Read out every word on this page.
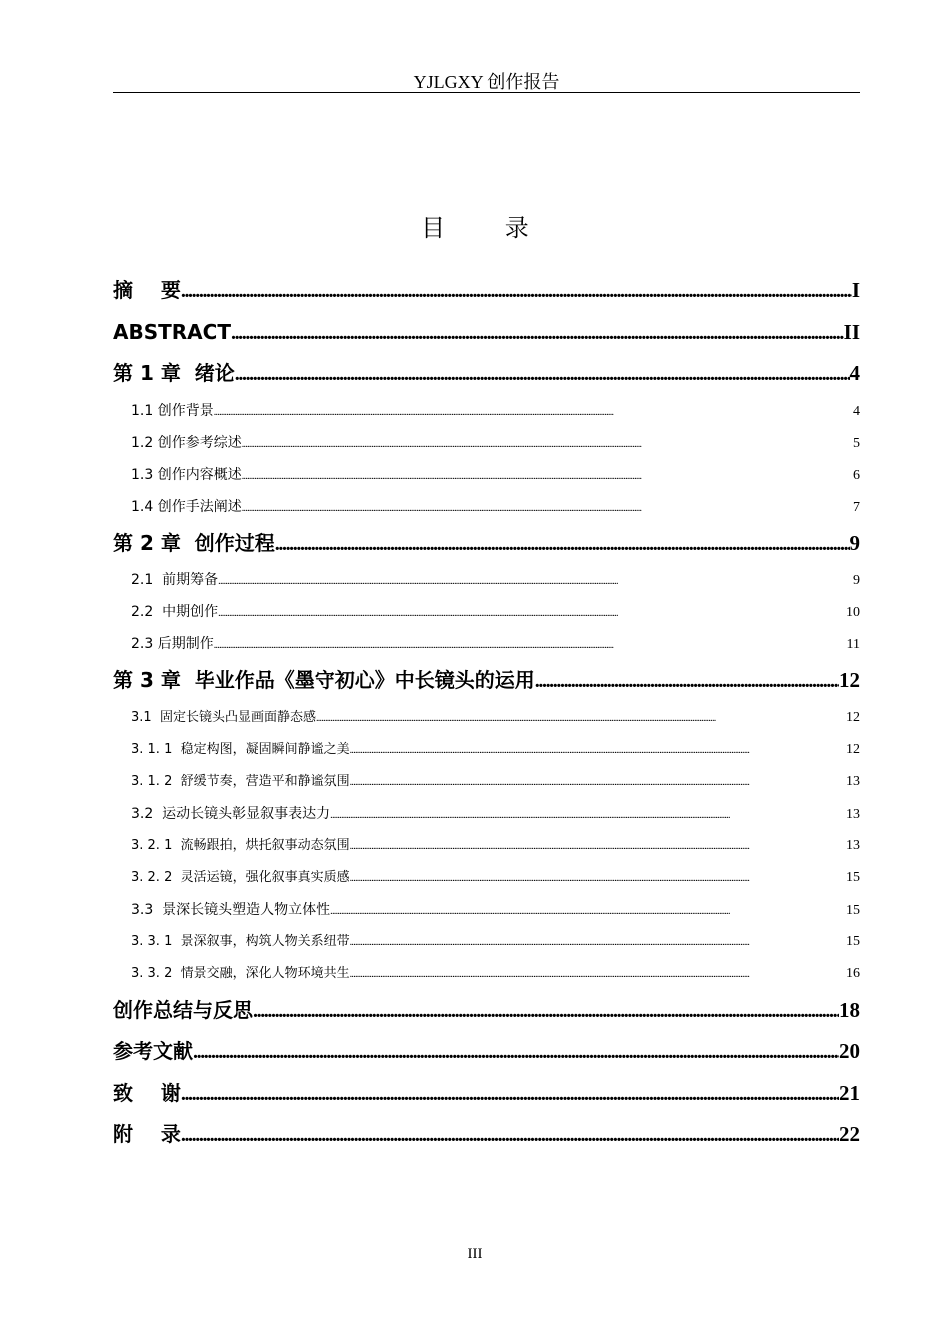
YJLGXY 创作报告
目 录
摘    要 . . .	I
ABSTRACT . . .	II
第 1 章  绪论 . . .	4
1.1 创作背景 . . .	4
1.2 创作参考综述 . . .	5
1.3 创作内容概述 . . .	6
1.4 创作手法阐述 . . .	7
第 2 章  创作过程 . . .	9
2.1  前期筹备 . . .	9
2.2  中期创作 . . .	10
2.3 后期制作 . . .	11
第 3 章  毕业作品《墨守初心》中长镜头的运用 . . .	12
3.1  固定长镜头凸显画面静态感 . . .	12
3. 1. 1  稳定构图，凝固瞬间静谧之美 . . .	12
3. 1. 2  舒缓节奏，营造平和静谧氛围 . . .	13
3.2  运动长镜头彰显叙事表达力 . . .	13
3. 2. 1  流畅跟拍，烘托叙事动态氛围 . . .	13
3. 2. 2  灵活运镜，强化叙事真实质感 . . .	15
3.3  景深长镜头塑造人物立体性 . . .	15
3. 3. 1  景深叙事，构筑人物关系纽带 . . .	15
3. 3. 2  情景交融，深化人物环境共生 . . .	16
创作总结与反思 . . .	18
参考文献 . . .	20
致    谢 . . .	21
附    录 . . .	22
III
